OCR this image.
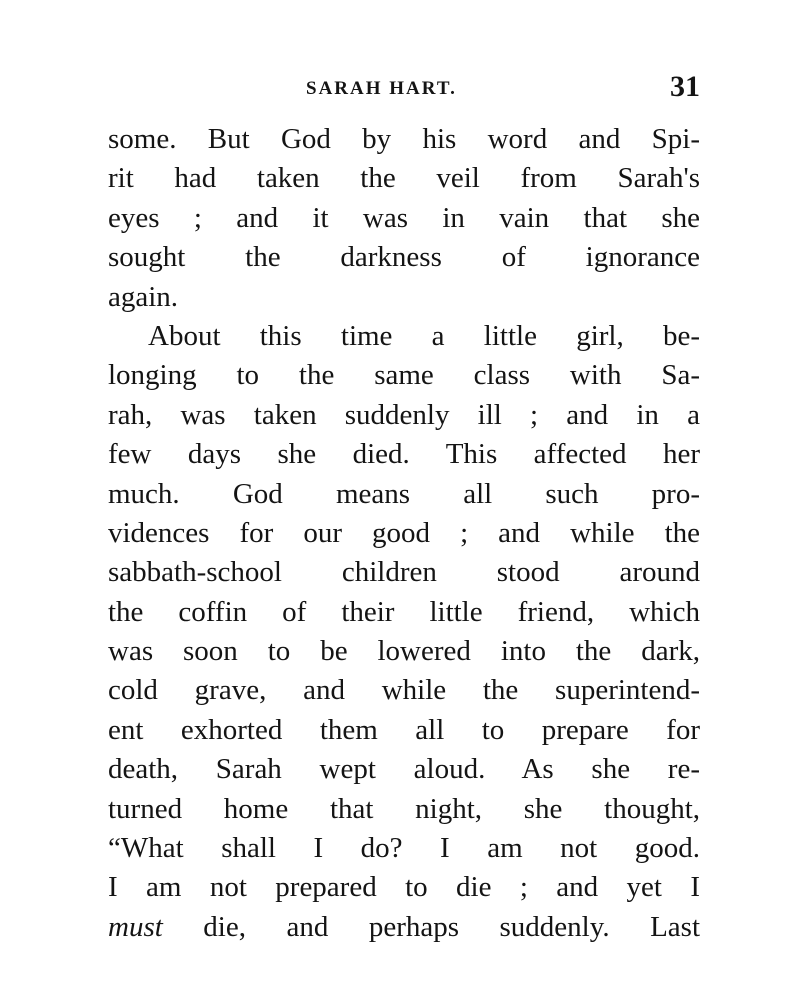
SARAH HART.	31
some. But God by his word and Spi-
rit had taken the veil from Sarah's
eyes ; and it was in vain that she
sought the darkness of ignorance
again.
About this time a little girl, be-
longing to the same class with Sa-
rah, was taken suddenly ill ; and in a
few days she died. This affected her
much. God means all such pro-
vidences for our good ; and while the
sabbath-school children stood around
the coffin of their little friend, which
was soon to be lowered into the dark,
cold grave, and while the superintend-
ent exhorted them all to prepare for
death, Sarah wept aloud. As she re-
turned home that night, she thought,
“What shall I do? I am not good.
I am not prepared to die ; and yet I
must die, and perhaps suddenly. Last
